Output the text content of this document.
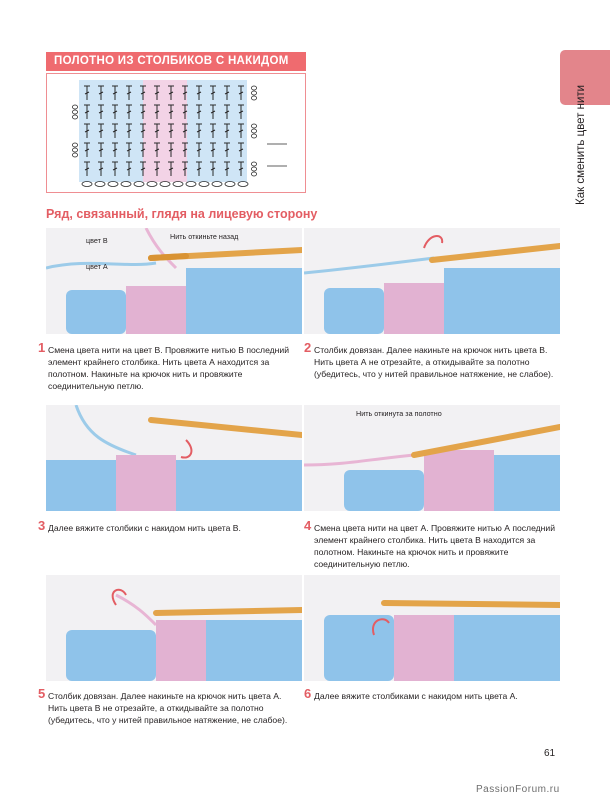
ПОЛОТНО ИЗ СТОЛБИКОВ С НАКИДОМ
Глава 3
Как сменить цвет нити
Ряд, связанный, глядя на лицевую сторону
цвет B
цвет A
Нить откиньте назад
1 Смена цвета нити на цвет В. Провяжите нитью В последний элемент крайнего столбика. Нить цвета А находится за полотном. Накиньте на крючок нить и провяжите соединительную петлю.
2 Столбик довязан. Далее накиньте на крючок нить цвета В. Нить цвета А не отрезайте, а откидывайте за полотно (убедитесь, что у нитей правильное натяжение, не слабое).
Нить откинута за полотно
3 Далее вяжите столбики с накидом нить цвета В.	4 Смена цвета нити на цвет А. Провяжите нитью А последний элемент крайнего столбика. Нить цвета В находится за полотном. Накиньте на крючок нить и провяжите соединительную петлю.
5 Столбик довязан. Далее накиньте на крючок нить цвета А. Нить цвета В не отрезайте, а откидывайте за полотно (убедитесь, что у нитей правильное натяжение, не слабое).
6 Далее вяжите столбиками с накидом нить цвета А.
61
PassionForum.ru
